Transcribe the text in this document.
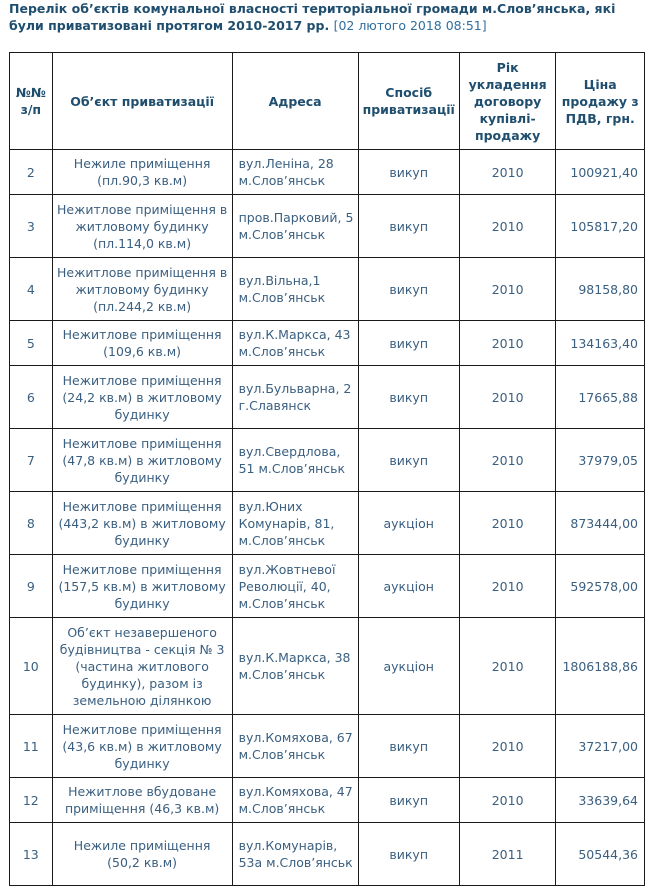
Перелік об’єктів комунальної власності територіальної громади м.Слов’янська, які були приватизовані протягом 2010-2017 рр. [02 лютого 2018 08:51]
№№ з/п	Об’єкт приватизації	Адреса	Спосіб приватизації	Рік укладення договору купівлі-продажу	Ціна продажу з ПДВ, грн.
2	Нежиле приміщення (пл.90,3 кв.м)	вул.Леніна, 28 м.Слов’янськ	викуп	2010	100921,40
3	Нежитлове приміщення в житловому будинку (пл.114,0 кв.м)	пров.Парковий, 5 м.Слов’янськ	викуп	2010	105817,20
4	Нежитлове приміщення в житловому будинку (пл.244,2 кв.м)	вул.Вільна,1 м.Слов’янськ	викуп	2010	98158,80
5	Нежитлове приміщення (109,6 кв.м)	вул.К.Маркса, 43 м.Слов’янськ	викуп	2010	134163,40
6	Нежитлове приміщення (24,2 кв.м) в житловому будинку	вул.Бульварна, 2 г.Славянск	викуп	2010	17665,88
7	Нежитлове приміщення (47,8 кв.м) в житловому будинку	вул.Свердлова, 51 м.Слов’янськ	викуп	2010	37979,05
8	Нежитлове приміщення (443,2 кв.м) в житловому будинку	вул.Юних Комунарів, 81, м.Слов’янськ	аукціон	2010	873444,00
9	Нежитлове приміщення (157,5 кв.м) в житловому будинку	вул.Жовтневої Революції, 40, м.Слов’янськ	аукціон	2010	592578,00
10	Об’єкт незавершеного будівництва - секція № 3 (частина житлового будинку), разом із земельною ділянкою	вул.К.Маркса, 38 м.Слов’янськ	аукціон	2010	1806188,86
11	Нежитлове приміщення (43,6 кв.м) в житловому будинку	вул.Комяхова, 67 м.Слов’янськ	викуп	2010	37217,00
12	Нежитлове вбудоване приміщення (46,3 кв.м)	вул.Комяхова, 47 м.Слов’янськ	викуп	2010	33639,64
13	Нежиле приміщення (50,2 кв.м)	вул.Комунарів, 53а м.Слов’янськ	викуп	2011	50544,36
